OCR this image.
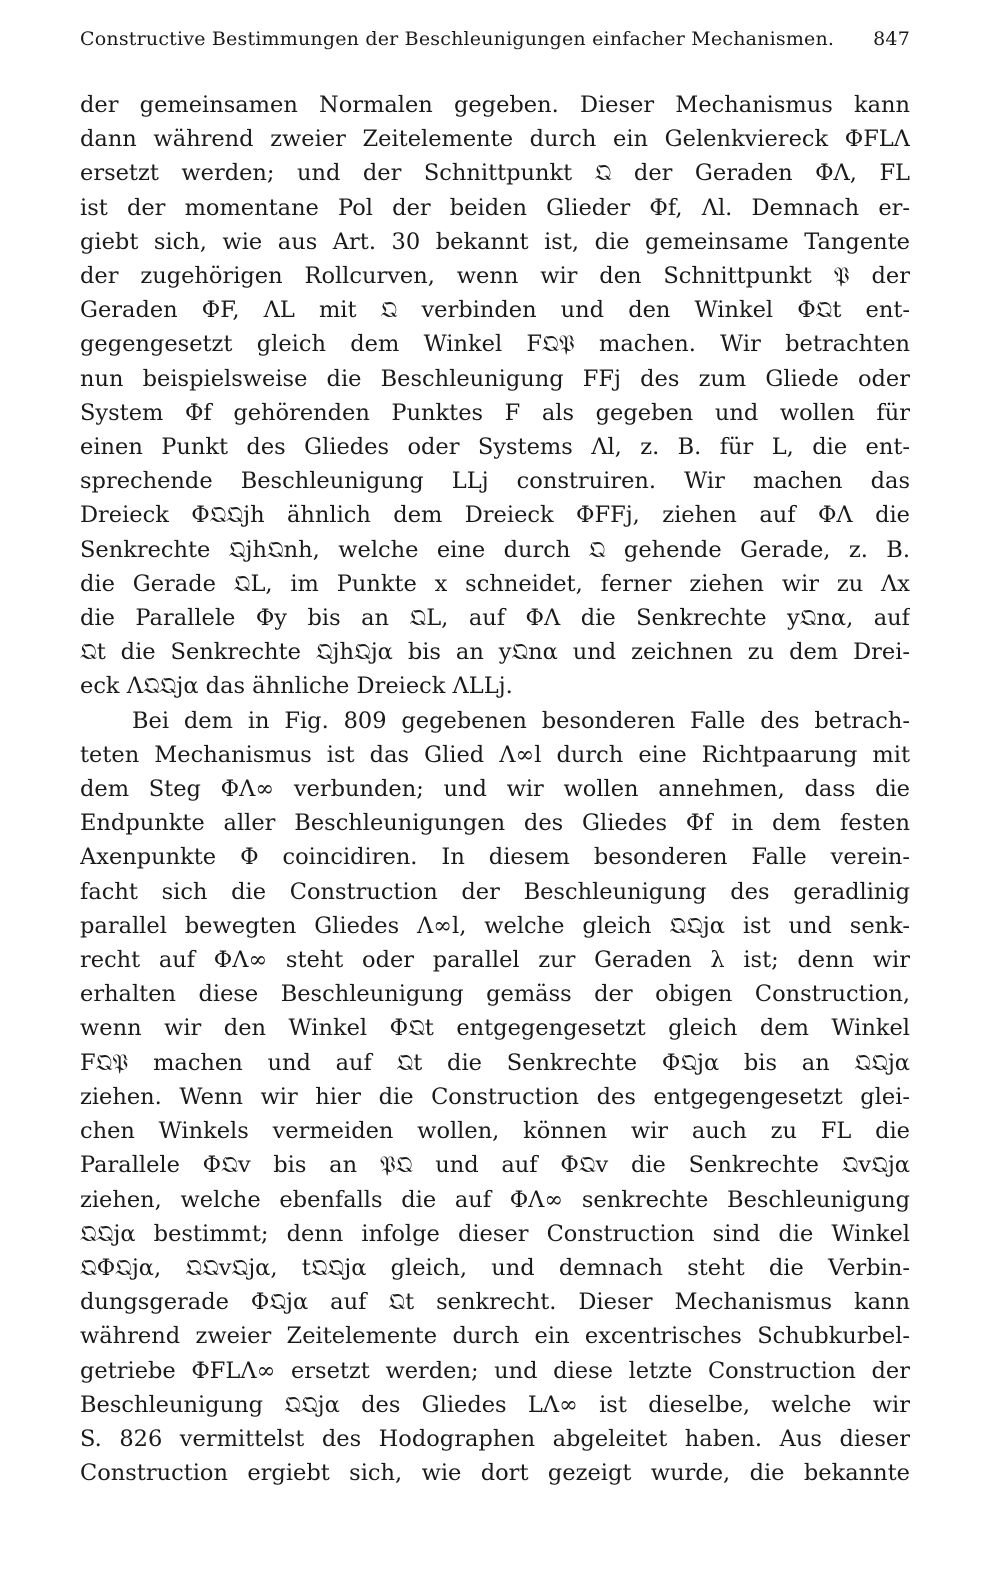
Constructive Bestimmungen der Beschleunigungen einfacher Mechanismen. 847
der gemeinsamen Normalen gegeben. Dieser Mechanismus kann
dann während zweier Zeitelemente durch ein Gelenkviereck ΦFLΛ
ersetzt werden; und der Schnittpunkt 𝔔 der Geraden ΦΛ, FL
ist der momentane Pol der beiden Glieder Φf, Λl. Demnach er-
giebt sich, wie aus Art. 30 bekannt ist, die gemeinsame Tangente
der zugehörigen Rollcurven, wenn wir den Schnittpunkt 𝔓 der
Geraden ΦF, ΛL mit 𝔔 verbinden und den Winkel Φ𝔔t ent-
gegengesetzt gleich dem Winkel F𝔔𝔓 machen. Wir betrachten
nun beispielsweise die Beschleunigung FFj des zum Gliede oder
System Φf gehörenden Punktes F als gegeben und wollen für
einen Punkt des Gliedes oder Systems Λl, z. B. für L, die ent-
sprechende Beschleunigung LLj construiren. Wir machen das
Dreieck Φ𝔔𝔔jh ähnlich dem Dreieck ΦFFj, ziehen auf ΦΛ die
Senkrechte 𝔔jh𝔔nh, welche eine durch 𝔔 gehende Gerade, z. B.
die Gerade 𝔔L, im Punkte x schneidet, ferner ziehen wir zu Λx
die Parallele Φy bis an 𝔔L, auf ΦΛ die Senkrechte y𝔔nα, auf
𝔔t die Senkrechte 𝔔jh𝔔jα bis an y𝔔nα und zeichnen zu dem Drei-
eck Λ𝔔𝔔jα das ähnliche Dreieck ΛLLj.
Bei dem in Fig. 809 gegebenen besonderen Falle des betrach-
teten Mechanismus ist das Glied Λ∞l durch eine Richtpaarung mit
dem Steg ΦΛ∞ verbunden; und wir wollen annehmen, dass die
Endpunkte aller Beschleunigungen des Gliedes Φf in dem festen
Axenpunkte Φ coincidiren. In diesem besonderen Falle verein-
facht sich die Construction der Beschleunigung des geradlinig
parallel bewegten Gliedes Λ∞l, welche gleich 𝔔𝔔jα ist und senk-
recht auf ΦΛ∞ steht oder parallel zur Geraden λ ist; denn wir
erhalten diese Beschleunigung gemäss der obigen Construction,
wenn wir den Winkel Φ𝔔t entgegengesetzt gleich dem Winkel
F𝔔𝔓 machen und auf 𝔔t die Senkrechte Φ𝔔jα bis an 𝔔𝔔jα
ziehen. Wenn wir hier die Construction des entgegengesetzt glei-
chen Winkels vermeiden wollen, können wir auch zu FL die
Parallele Φ𝔔v bis an 𝔓𝔔 und auf Φ𝔔v die Senkrechte 𝔔v𝔔jα
ziehen, welche ebenfalls die auf ΦΛ∞ senkrechte Beschleunigung
𝔔𝔔jα bestimmt; denn infolge dieser Construction sind die Winkel
𝔔Φ𝔔jα, 𝔔𝔔v𝔔jα, t𝔔𝔔jα gleich, und demnach steht die Verbin-
dungsgerade Φ𝔔jα auf 𝔔t senkrecht. Dieser Mechanismus kann
während zweier Zeitelemente durch ein excentrisches Schubkurbel-
getriebe ΦFLΛ∞ ersetzt werden; und diese letzte Construction der
Beschleunigung 𝔔𝔔jα des Gliedes LΛ∞ ist dieselbe, welche wir
S. 826 vermittelst des Hodographen abgeleitet haben. Aus dieser
Construction ergiebt sich, wie dort gezeigt wurde, die bekannte
